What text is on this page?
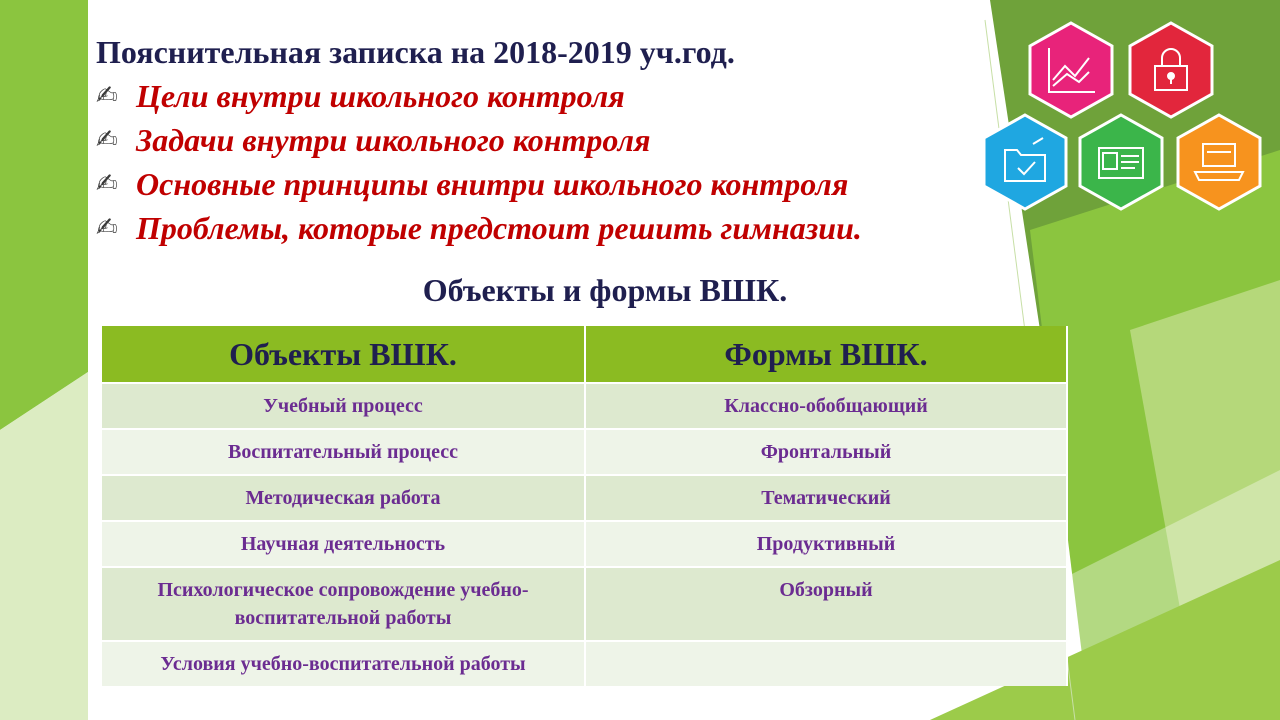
Пояснительная записка на 2018-2019 уч.год.
✍ Цели внутри школьного контроля
✍ Задачи внутри школьного контроля
✍ Основные принципы внитри школьного контроля
✍ Проблемы, которые предстоит решить гимназии.
Объекты и формы ВШК.
Объекты ВШК.	Формы ВШК.
Учебный процесс	Классно-обобщающий
Воспитательный процесс	Фронтальный
Методическая работа	Тематический
Научная деятельность	Продуктивный
Психологическое сопровождение учебно-воспитательной работы	Обзорный
Условия учебно-воспитательной работы	
